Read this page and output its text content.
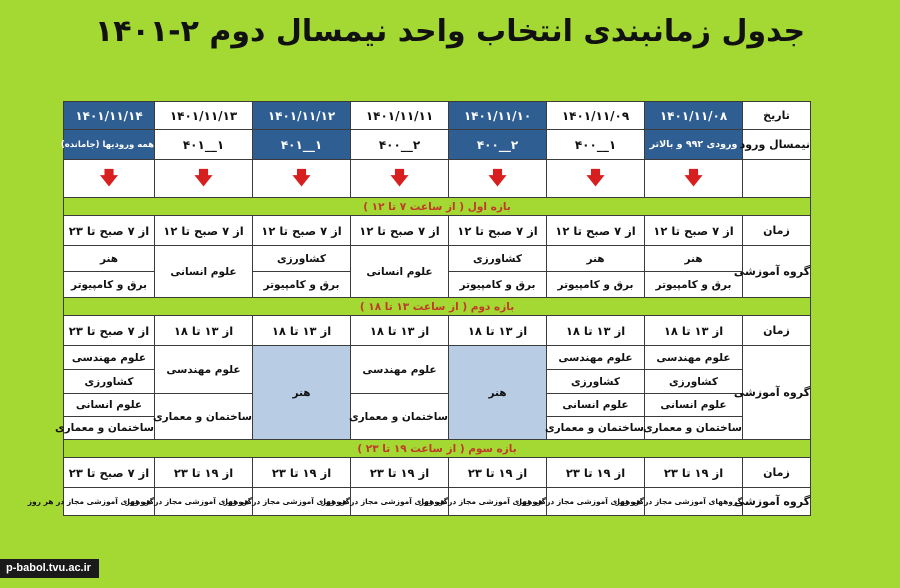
جدول زمانبندی انتخاب واحد نیمسال دوم ۲-۱۴۰۱
تاریخ	۱۴۰۱/۱۱/۰۸	۱۴۰۱/۱۱/۰۹	۱۴۰۱/۱۱/۱۰	۱۴۰۱/۱۱/۱۱	۱۴۰۱/۱۱/۱۲	۱۴۰۱/۱۱/۱۳	۱۴۰۱/۱۱/۱۴
نیمسال ورود	ورودی ۹۹۲ و بالاتر	۱__۴۰۰	۲__۴۰۰	۲__۴۰۰	۱__۴۰۱	۱__۴۰۱	همه ورودیها (جامانده)
	🡇	🡇	🡇	🡇	🡇	🡇	🡇
بازه اول ( از ساعت ۷ تا ۱۲ )							
زمان	از ۷ صبح تا ۱۲	از ۷ صبح تا ۱۲	از ۷ صبح تا ۱۲	از ۷ صبح تا ۱۲	از ۷ صبح تا ۱۲	از ۷ صبح تا ۱۲	از ۷ صبح تا ۲۳
گروه آموزشی	هنر	هنر	کشاورزی	علوم انسانی	کشاورزی	علوم انسانی	هنر
	برق و کامپیوتر	برق و کامپیوتر	برق و کامپیوتر		برق و کامپیوتر		برق و کامپیوتر
بازه دوم ( از ساعت ۱۳ تا ۱۸ )							
زمان	از ۱۳ تا ۱۸	از ۱۳ تا ۱۸	از ۱۳ تا ۱۸	از ۱۳ تا ۱۸	از ۱۳ تا ۱۸	از ۱۳ تا ۱۸	از ۷ صبح تا ۲۳
گروه آموزشی	علوم مهندسی	علوم مهندسی	هنر	علوم مهندسی	هنر	علوم مهندسی	علوم مهندسی
	کشاورزی	کشاورزی					کشاورزی
	علوم انسانی	علوم انسانی		ساختمان و معماری		ساختمان و معماری	علوم انسانی
	ساختمان و معماری	ساختمان و معماری					ساختمان و معماری
بازه سوم ( از ساعت ۱۹ تا ۲۳ )							
زمان	از ۱۹ تا ۲۳	از ۱۹ تا ۲۳	از ۱۹ تا ۲۳	از ۱۹ تا ۲۳	از ۱۹ تا ۲۳	از ۱۹ تا ۲۳	از ۷ صبح تا ۲۳
گروه آموزشی	گروههای آموزشی مجاز در هر روز	گروههای آموزشی مجاز در هر روز	گروههای آموزشی مجاز در هر روز	گروههای آموزشی مجاز در هر روز	گروههای آموزشی مجاز در هر روز	گروههای آموزشی مجاز در هر روز	گروههای آموزشی مجاز در هر روز
p-babol.tvu.ac.ir
